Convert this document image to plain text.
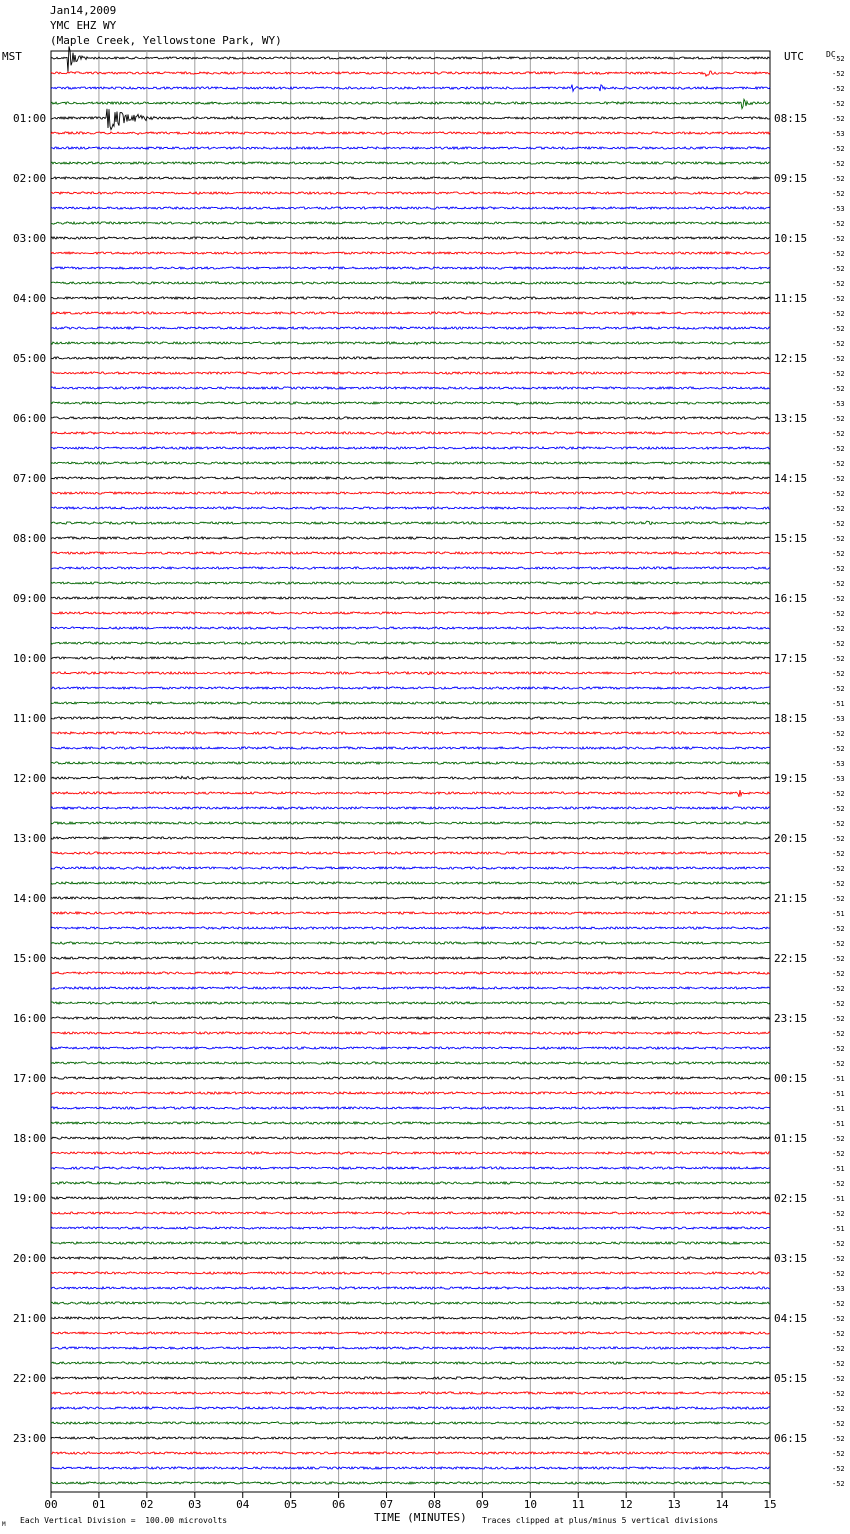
00	01	02	03	04	05	06	07	08	09	10	11	12	13	14	15
-52
-52
-52
-52
-52
-53
-52
-52
-52
-52
-53
-52
-52
-52
-52
-52
-52
-52
-52
-52
-52
-52
-52
-53
-52
-52
-52
-52
-52
-52
-52
-52
-52
-52
-52
-52
-52
-52
-52
-52
-52
-52
-52
-51
-53
-52
-52
-53
-53
-52
-52
-52
-52
-52
-52
-52
-52
-51
-52
-52
-52
-52
-52
-52
-52
-52
-52
-52
-51
-51
-51
-51
-52
-52
-51
-52
-51
-52
-51
-52
-52
-52
-53
-52
-52
-52
-52
-52
-52
-52
-52
-52
-52
-52
-52
-52
01:00	08:15
02:00	09:15
03:00	10:15
04:00	11:15
05:00	12:15
06:00	13:15
07:00	14:15
08:00	15:15
09:00	16:15
10:00	17:15
11:00	18:15
12:00	19:15
13:00	20:15
14:00	21:15
15:00	22:15
16:00	23:15
17:00	00:15
18:00	01:15
19:00	02:15
20:00	03:15
21:00	04:15
22:00	05:15
23:00	06:15
Jan14,2009
YMC EHZ WY
(Maple Creek, Yellowstone Park, WY)
MST	UTC	DC
TIME (MINUTES)
Each Vertical Division =  100.00 microvolts	Traces clipped at plus/minus 5 vertical divisions
M
